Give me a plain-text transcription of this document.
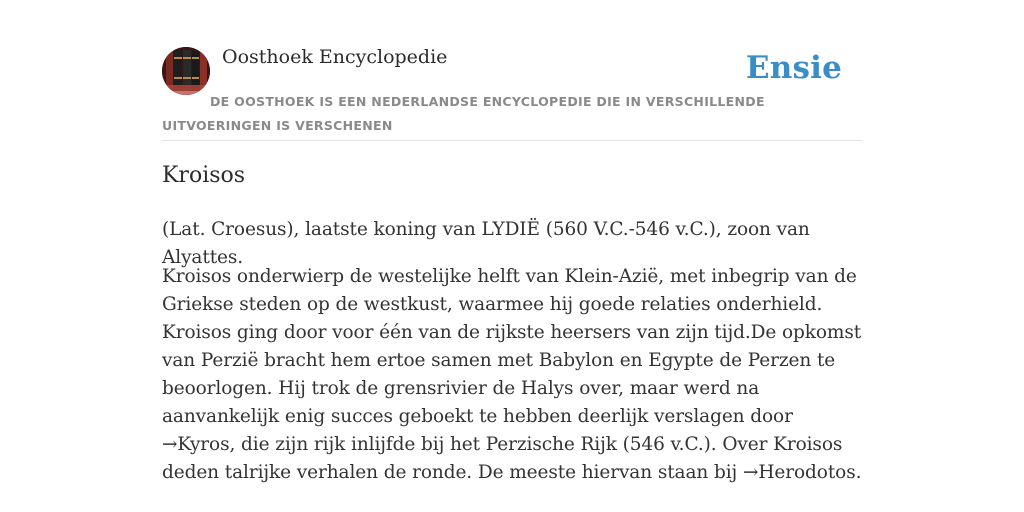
Oosthoek Encyclopedie	Ensie
DE OOSTHOEK IS EEN NEDERLANDSE ENCYCLOPEDIE DIE IN VERSCHILLENDE UITVOERINGEN IS VERSCHENEN
Kroisos

(Lat. Croesus), laatste koning van LYDIË (560 V.C.-546 v.C.), zoon van Alyattes.

Kroisos onderwierp de westelijke helft van Klein-Azië, met inbegrip van de Griekse steden op de westkust, waarmee hij goede relaties onderhield. Kroisos ging door voor één van de rijkste heersers van zijn tijd.De opkomst van Perzië bracht hem ertoe samen met Babylon en Egypte de Perzen te beoorlogen. Hij trok de grensrivier de Halys over, maar werd na aanvankelijk enig succes geboekt te hebben deerlijk verslagen door →Kyros, die zijn rijk inlijfde bij het Perzische Rijk (546 v.C.). Over Kroisos deden talrijke verhalen de ronde. De meeste hiervan staan bij →Herodotos.
